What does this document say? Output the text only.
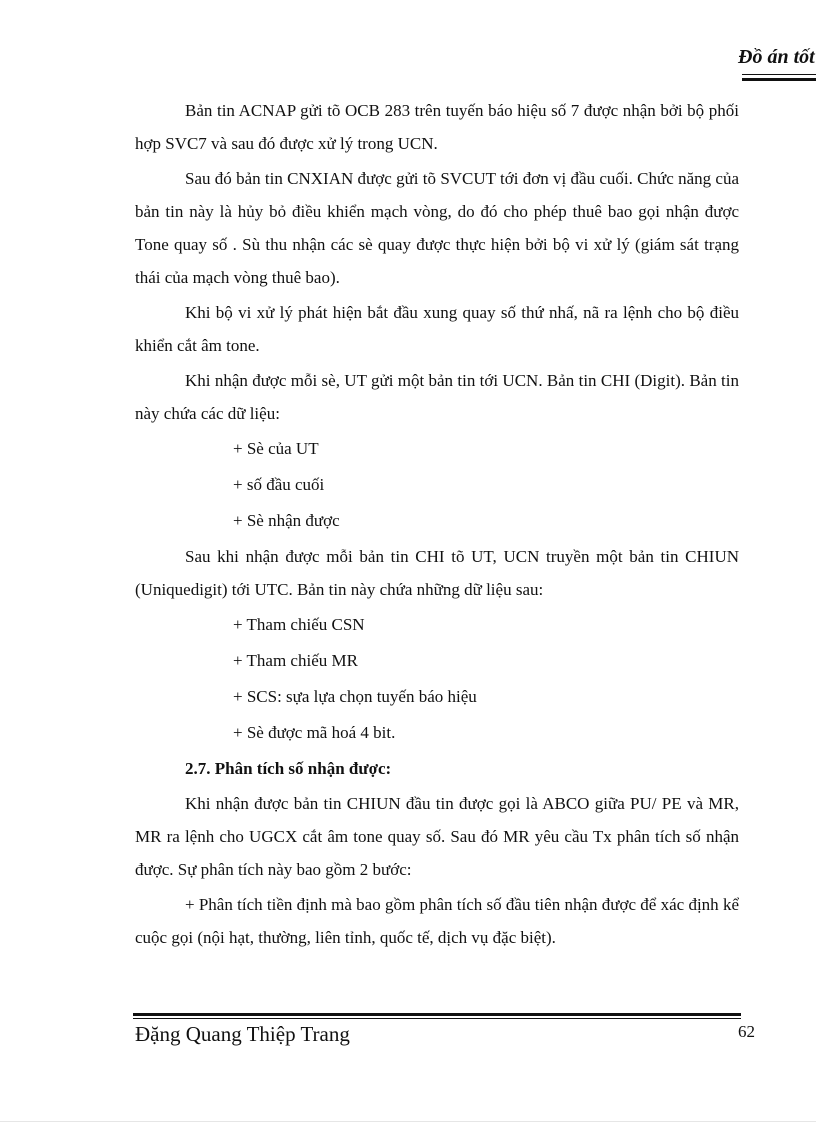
Đồ án tốt

Bản tin ACNAP gửi tõ OCB 283 trên tuyến báo hiệu số 7 được nhận bởi bộ phối hợp SVC7 và sau đó được xử lý trong UCN.

Sau đó bản tin CNXIAN được gửi tõ SVCUT tới đơn vị đầu cuối. Chức năng của bản tin này là hủy bỏ điều khiển mạch vòng, do đó cho phép thuê bao gọi nhận được Tone quay số . Sù thu nhận các sè quay được thực hiện bởi bộ vi xử lý (giám sát trạng thái của mạch vòng thuê bao).

Khi bộ vi xử lý phát hiện bắt đầu xung quay số thứ nhấ, nã ra lệnh cho bộ điều khiển cắt âm tone.

Khi nhận được mỗi sè, UT gửi một bản tin tới UCN. Bản tin CHI (Digit). Bản tin này chứa các dữ liệu:

+ Sè của UT

+ số đầu cuối

+ Sè nhận được

Sau khi nhận được mỗi bản tin CHI tõ UT, UCN truyền một bản tin CHIUN (Uniquedigit) tới UTC. Bản tin này chứa những dữ liệu sau:

+ Tham chiếu CSN

+ Tham chiếu MR

+ SCS: sựa lựa chọn tuyến báo hiệu

+ Sè được mã hoá 4 bit.

2.7. Phân tích số nhận được:

Khi nhận được bản tin CHIUN đầu tin được gọi là ABCO giữa PU/ PE và MR, MR ra lệnh cho UGCX cắt âm tone quay số. Sau đó MR yêu cầu Tx phân tích số nhận được. Sự phân tích này bao gồm 2 bước:

+ Phân tích tiền định mà bao gồm phân tích số đầu tiên nhận được để xác định kể cuộc gọi (nội hạt, thường, liên tỉnh, quốc tế, dịch vụ đặc biệt).

Đặng Quang Thiệp Trang	62
